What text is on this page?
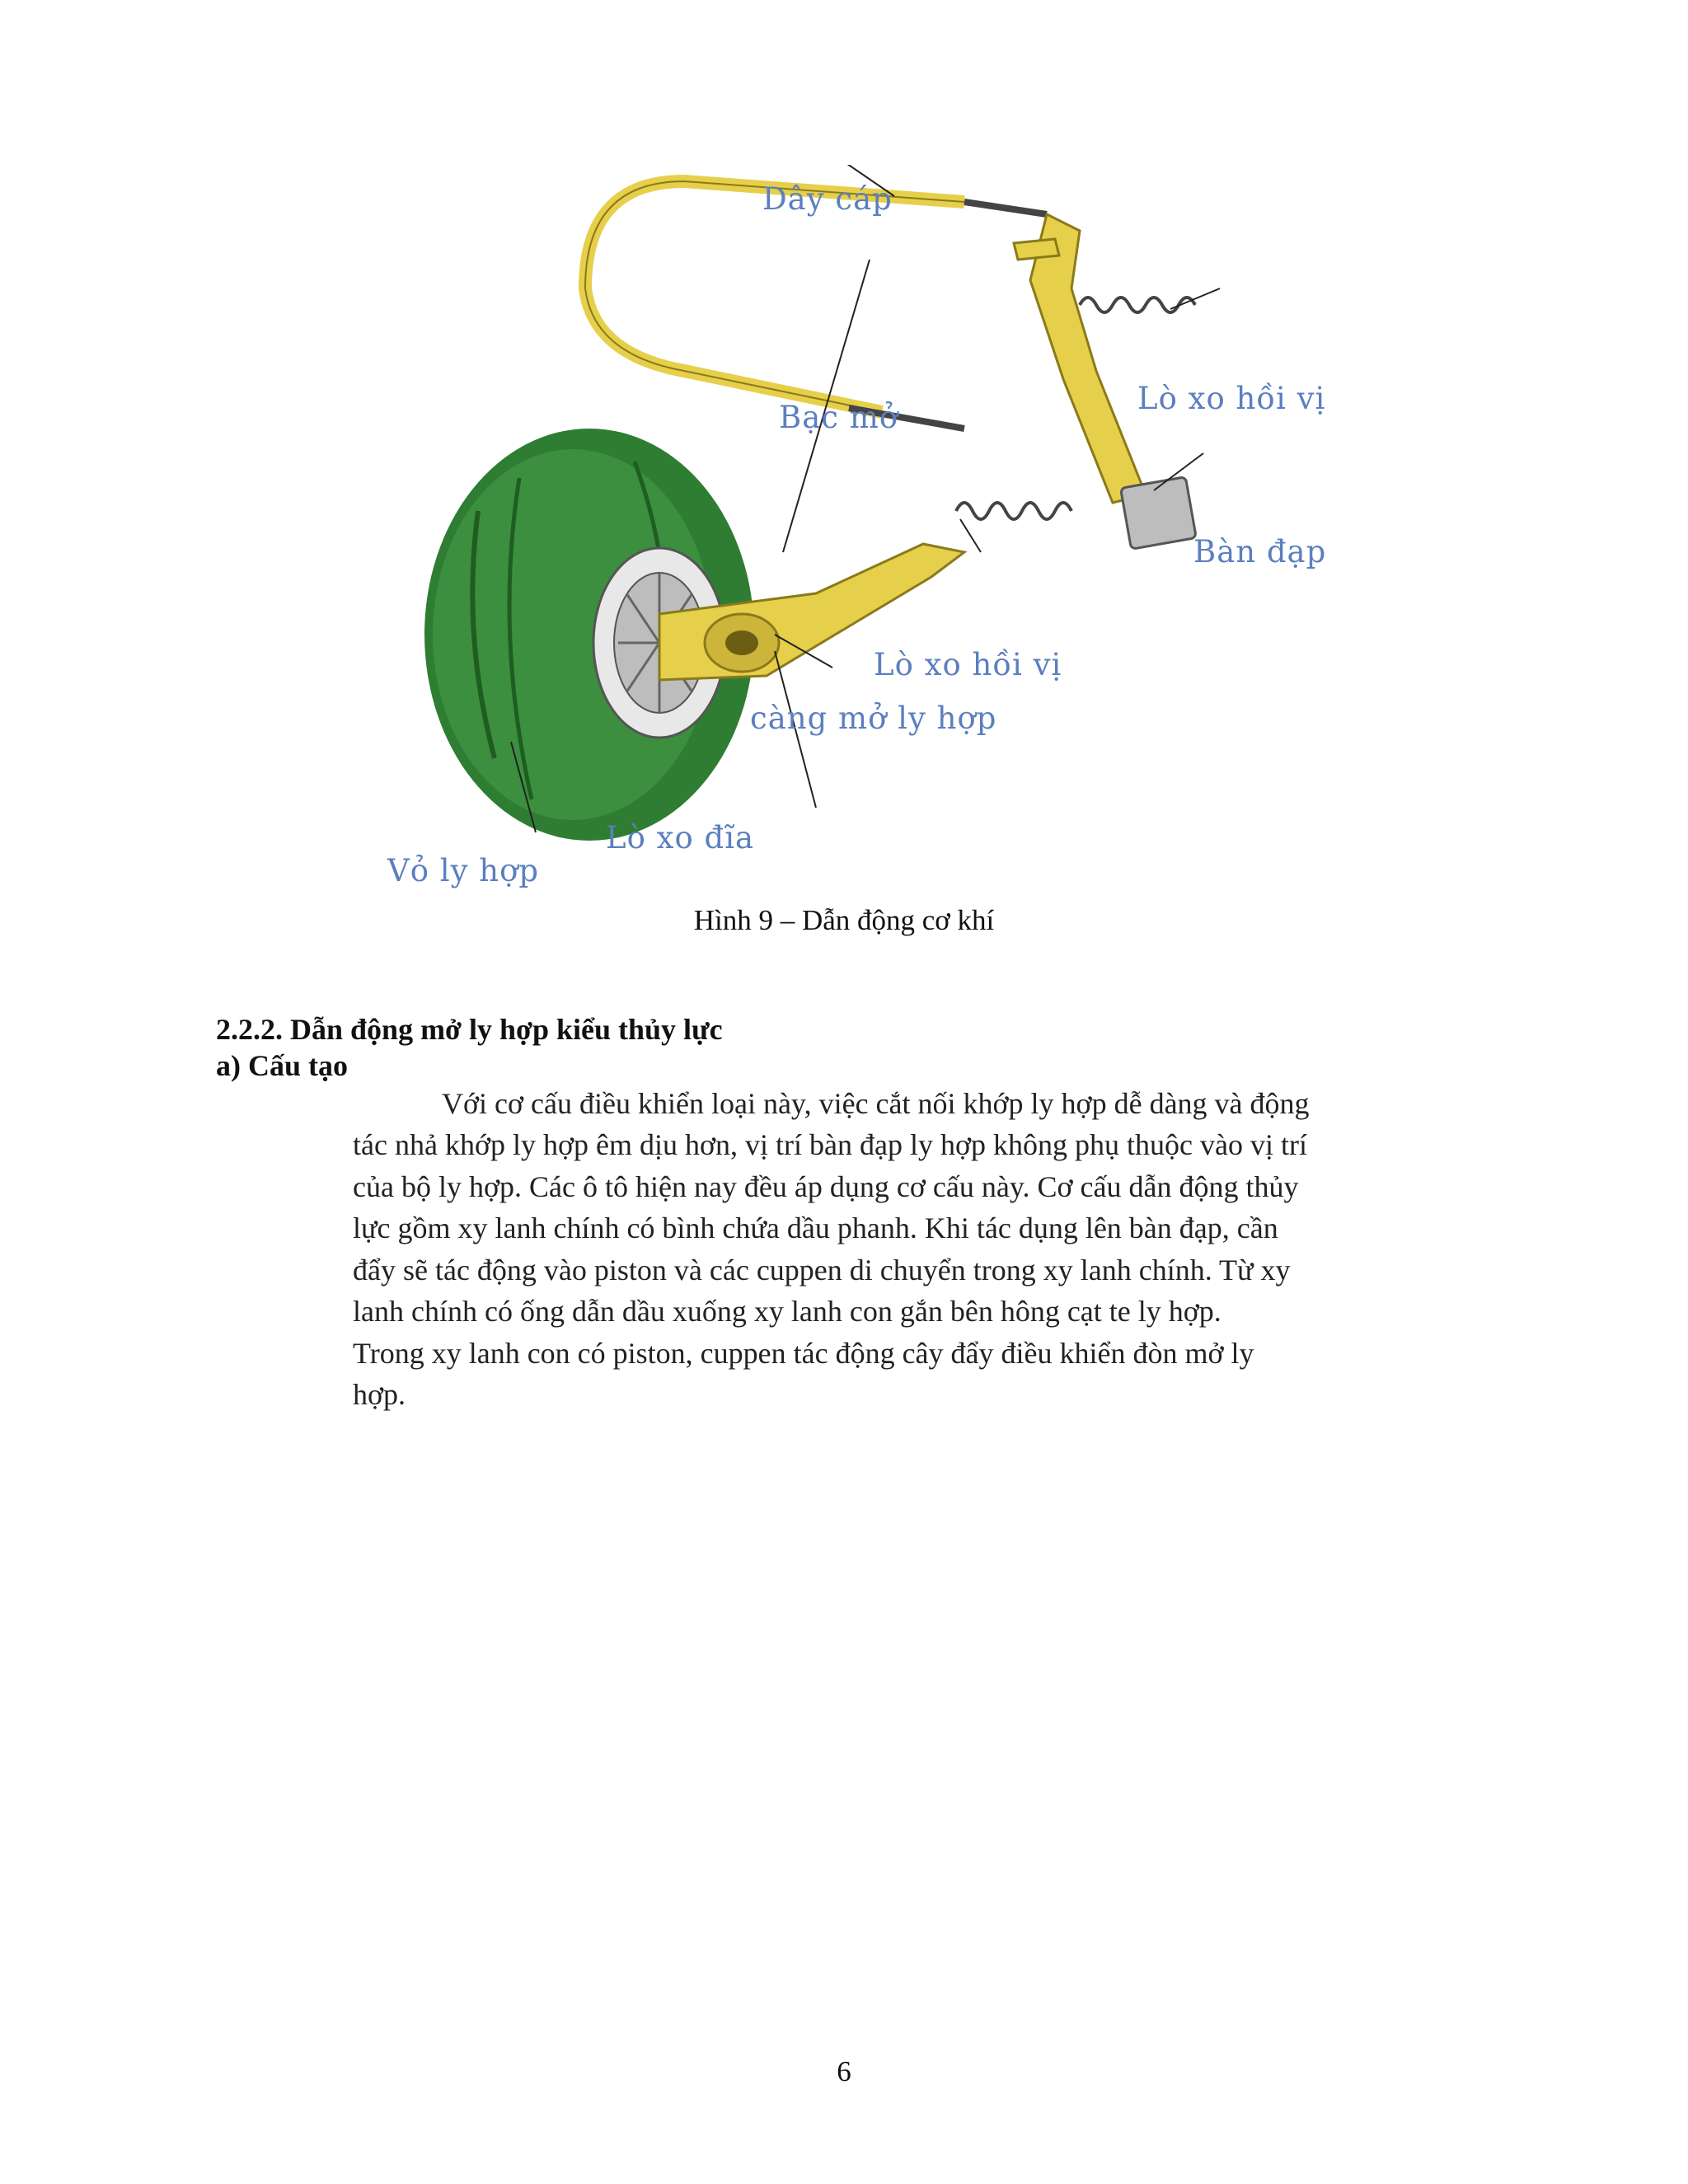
Dây cáp
Lò xo hồi vị
Bạc mở
Bàn đạp
Lò xo hồi vị
càng mở ly hợp
Lò xo đĩa
Vỏ ly hợp
Hình 9 – Dẫn động cơ khí
2.2.2. Dẫn động mở ly hợp kiểu thủy lực
a) Cấu tạo
Với cơ cấu điều khiển loại này, việc cắt nối khớp ly hợp dễ dàng và động
tác nhả khớp ly hợp êm dịu hơn, vị trí bàn đạp ly hợp không phụ thuộc vào vị trí
của bộ ly hợp. Các ô tô hiện nay đều áp dụng cơ cấu này. Cơ cấu dẫn động thủy
lực gồm xy lanh chính có bình chứa dầu phanh. Khi tác dụng lên bàn đạp, cần
đẩy sẽ tác động vào piston và các cuppen di chuyển trong xy lanh chính. Từ xy
lanh chính có ống dẫn dầu xuống xy lanh con gắn bên hông cạt te ly hợp.
Trong xy lanh con có piston, cuppen tác động cây đẩy điều khiển đòn mở ly
hợp.
6
